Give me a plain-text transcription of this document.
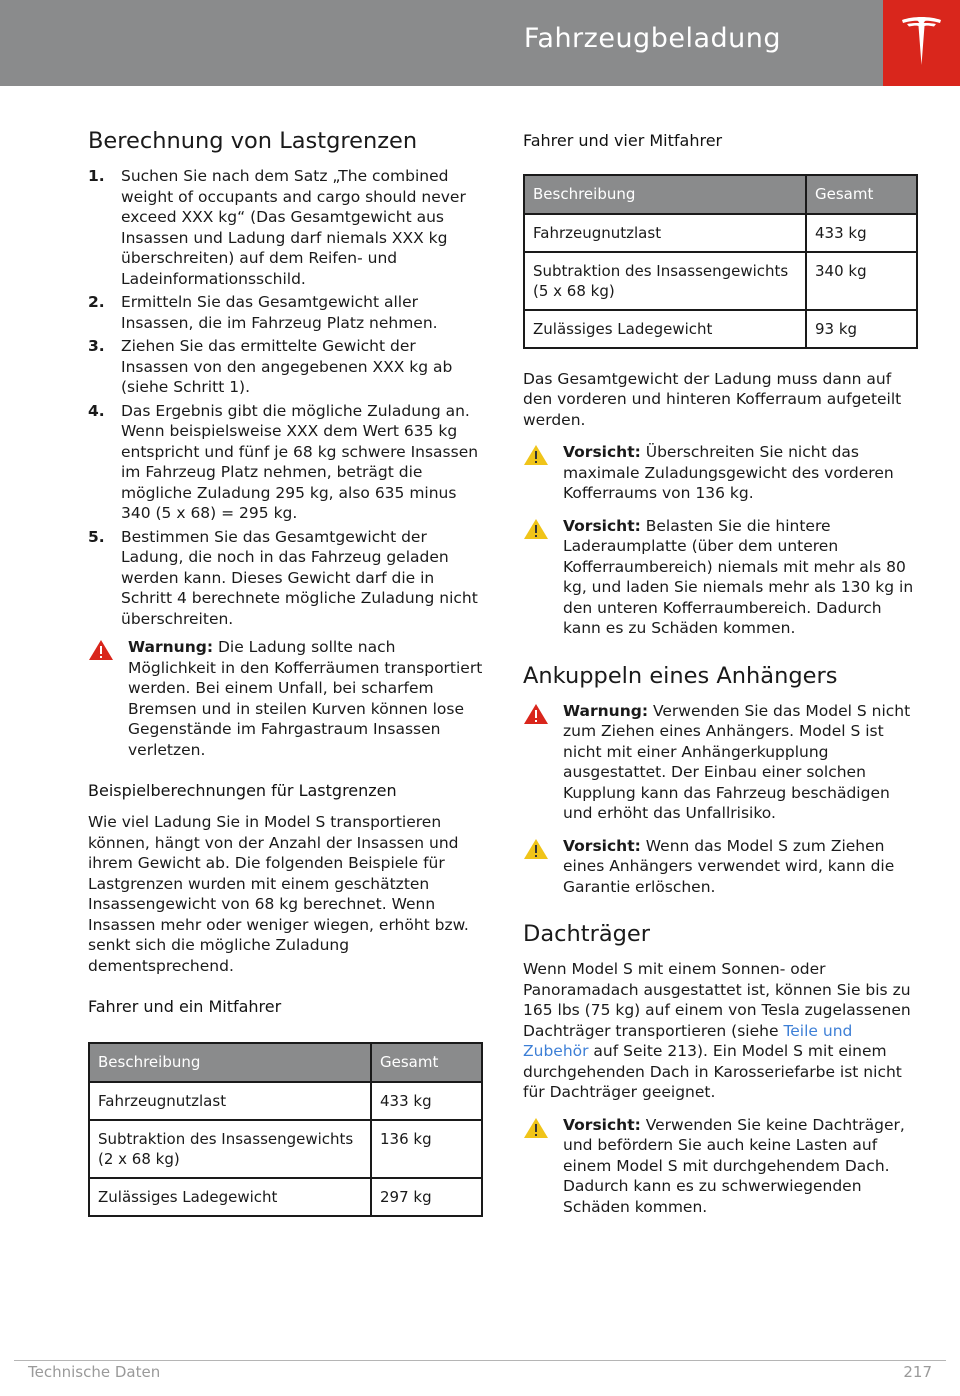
Fahrzeugbeladung
Berechnung von Lastgrenzen
1.	Suchen Sie nach dem Satz „The combined weight of occupants and cargo should never exceed XXX kg“ (Das Gesamtgewicht aus Insassen und Ladung darf niemals XXX kg überschreiten) auf dem Reifen- und Ladeinformationsschild.
2.	Ermitteln Sie das Gesamtgewicht aller Insassen, die im Fahrzeug Platz nehmen.
3.	Ziehen Sie das ermittelte Gewicht der Insassen von den angegebenen XXX kg ab (siehe Schritt 1).
4.	Das Ergebnis gibt die mögliche Zuladung an. Wenn beispielsweise XXX dem Wert 635 kg entspricht und fünf je 68 kg schwere Insassen im Fahrzeug Platz nehmen, beträgt die mögliche Zuladung 295 kg, also 635 minus 340 (5 x 68) = 295 kg.
5.	Bestimmen Sie das Gesamtgewicht der Ladung, die noch in das Fahrzeug geladen werden kann. Dieses Gewicht darf die in Schritt 4 berechnete mögliche Zuladung nicht überschreiten.
Warnung: Die Ladung sollte nach Möglichkeit in den Kofferräumen transportiert werden. Bei einem Unfall, bei scharfem Bremsen und in steilen Kurven können lose Gegenstände im Fahrgastraum Insassen verletzen.
Beispielberechnungen für Lastgrenzen

Wie viel Ladung Sie in Model S transportieren können, hängt von der Anzahl der Insassen und ihrem Gewicht ab. Die folgenden Beispiele für Lastgrenzen wurden mit einem geschätzten Insassengewicht von 68 kg berechnet. Wenn Insassen mehr oder weniger wiegen, erhöht bzw. senkt sich die mögliche Zuladung dementsprechend.

Fahrer und ein Mitfahrer
Beschreibung	Gesamt
Fahrzeugnutzlast	433 kg
Subtraktion des Insassengewichts (2 x 68 kg)	136 kg
Zulässiges Ladegewicht	297 kg
Fahrer und vier Mitfahrer
Beschreibung	Gesamt
Fahrzeugnutzlast	433 kg
Subtraktion des Insassengewichts (5 x 68 kg)	340 kg
Zulässiges Ladegewicht	93 kg

Das Gesamtgewicht der Ladung muss dann auf den vorderen und hinteren Kofferraum aufgeteilt werden.

Vorsicht: Überschreiten Sie nicht das maximale Zuladungsgewicht des vorderen Kofferraums von 136 kg.
Vorsicht: Belasten Sie die hintere Laderaumplatte (über dem unteren Kofferraumbereich) niemals mit mehr als 80 kg, und laden Sie niemals mehr als 130 kg in den unteren Kofferraumbereich. Dadurch kann es zu Schäden kommen.
Ankuppeln eines Anhängers
Warnung: Verwenden Sie das Model S nicht zum Ziehen eines Anhängers. Model S ist nicht mit einer Anhängerkupplung ausgestattet. Der Einbau einer solchen Kupplung kann das Fahrzeug beschädigen und erhöht das Unfallrisiko.
Vorsicht: Wenn das Model S zum Ziehen eines Anhängers verwendet wird, kann die Garantie erlöschen.
Dachträger

Wenn Model S mit einem Sonnen- oder Panoramadach ausgestattet ist, können Sie bis zu 165 lbs (75 kg) auf einem von Tesla zugelassenen Dachträger transportieren (siehe Teile und Zubehör auf Seite 213). Ein Model S mit einem durchgehenden Dach in Karosseriefarbe ist nicht für Dachträger geeignet.

Vorsicht: Verwenden Sie keine Dachträger, und befördern Sie auch keine Lasten auf einem Model S mit durchgehendem Dach. Dadurch kann es zu schwerwiegenden Schäden kommen.
Technische Daten	217
